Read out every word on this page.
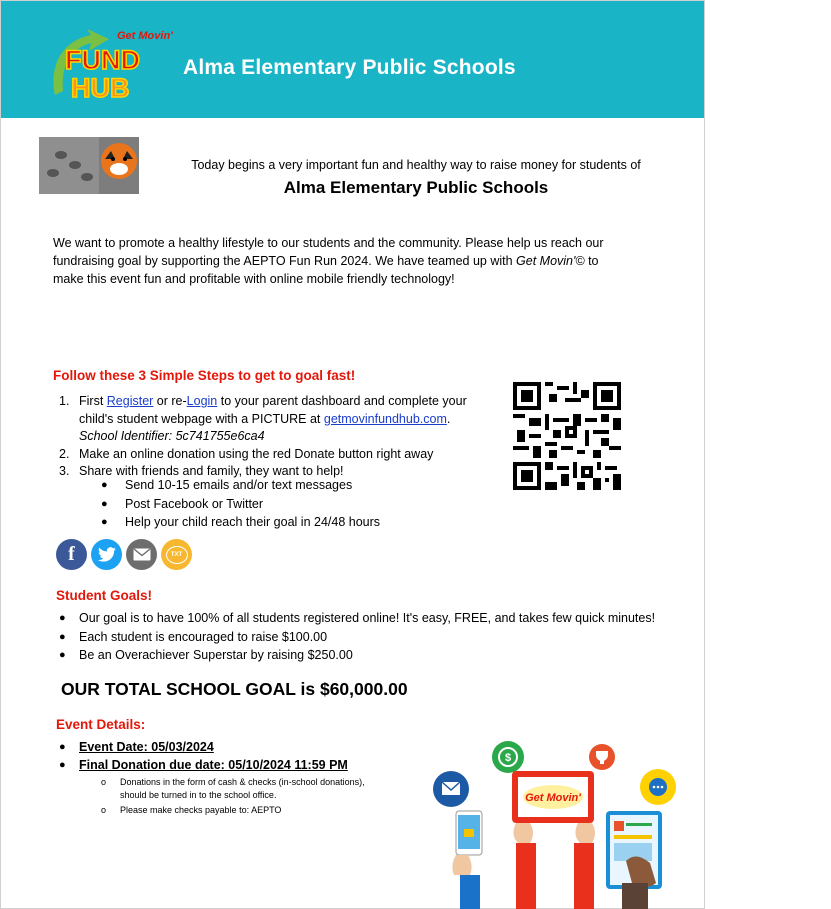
Get Movin'
FUND
HUB
Alma Elementary Public Schools
Today begins a very important fun and healthy way to raise money for students of
Alma Elementary Public Schools
We want to promote a healthy lifestyle to our students and the community. Please help us reach our fundraising goal by supporting the AEPTO Fun Run 2024. We have teamed up with Get Movin'© to make this event fun and profitable with online mobile friendly technology!
Follow these 3 Simple Steps to get to goal fast!
1. First Register or re-Login to your parent dashboard and complete your child's student webpage with a PICTURE at getmovinfundhub.com.
School Identifier: 5c741755e6ca4
2. Make an online donation using the red Donate button right away
3. Share with friends and family, they want to help!
●	Send 10-15 emails and/or text messages
●	Post Facebook or Twitter
●	Help your child reach their goal in 24/48 hours
f	TXT
Student Goals!
●	Our goal is to have 100% of all students registered online! It's easy, FREE, and takes few quick minutes!
●	Each student is encouraged to raise $100.00
●	Be an Overachiever Superstar by raising $250.00
OUR TOTAL SCHOOL GOAL is $60,000.00
Event Details:
●	Event Date: 05/03/2024
●	Final Donation due date: 05/10/2024 11:59 PM
o	Donations in the form of cash & checks (in-school donations), should be turned in to the school office.
o	Please make checks payable to: AEPTO
$
Get Movin'
